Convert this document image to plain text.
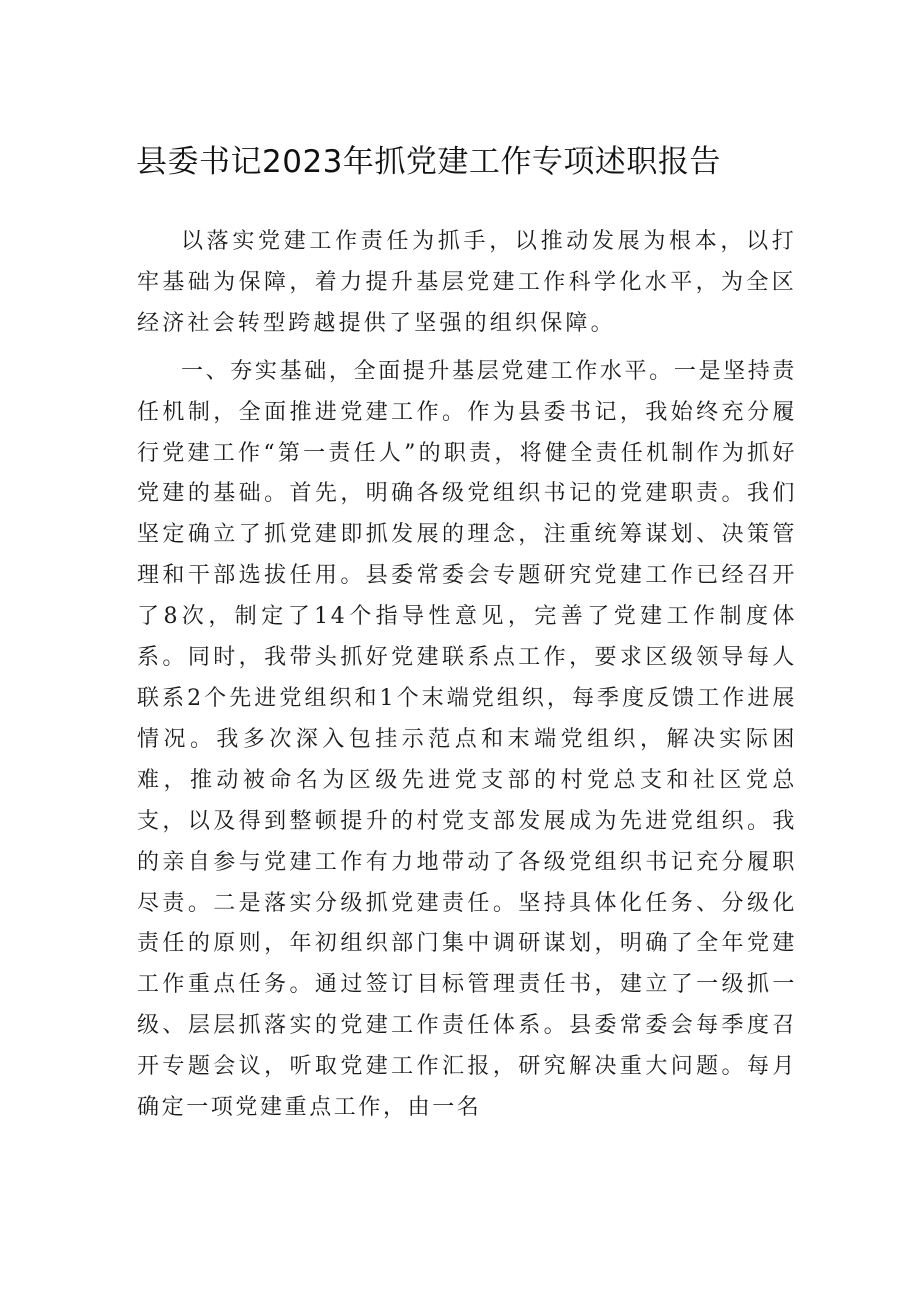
县委书记2023年抓党建工作专项述职报告

以落实党建工作责任为抓手，以推动发展为根本，以打牢基础为保障，着力提升基层党建工作科学化水平，为全区经济社会转型跨越提供了坚强的组织保障。

一、夯实基础，全面提升基层党建工作水平。一是坚持责任机制，全面推进党建工作。作为县委书记，我始终充分履行党建工作“第一责任人”的职责，将健全责任机制作为抓好党建的基础。首先，明确各级党组织书记的党建职责。我们坚定确立了抓党建即抓发展的理念，注重统筹谋划、决策管理和干部选拔任用。县委常委会专题研究党建工作已经召开了8次，制定了14个指导性意见，完善了党建工作制度体系。同时，我带头抓好党建联系点工作，要求区级领导每人联系2个先进党组织和1个末端党组织，每季度反馈工作进展情况。我多次深入包挂示范点和末端党组织，解决实际困难，推动被命名为区级先进党支部的村党总支和社区党总支，以及得到整顿提升的村党支部发展成为先进党组织。我的亲自参与党建工作有力地带动了各级党组织书记充分履职尽责。二是落实分级抓党建责任。坚持具体化任务、分级化责任的原则，年初组织部门集中调研谋划，明确了全年党建工作重点任务。通过签订目标管理责任书，建立了一级抓一级、层层抓落实的党建工作责任体系。县委常委会每季度召开专题会议，听取党建工作汇报，研究解决重大问题。每月确定一项党建重点工作，由一名
